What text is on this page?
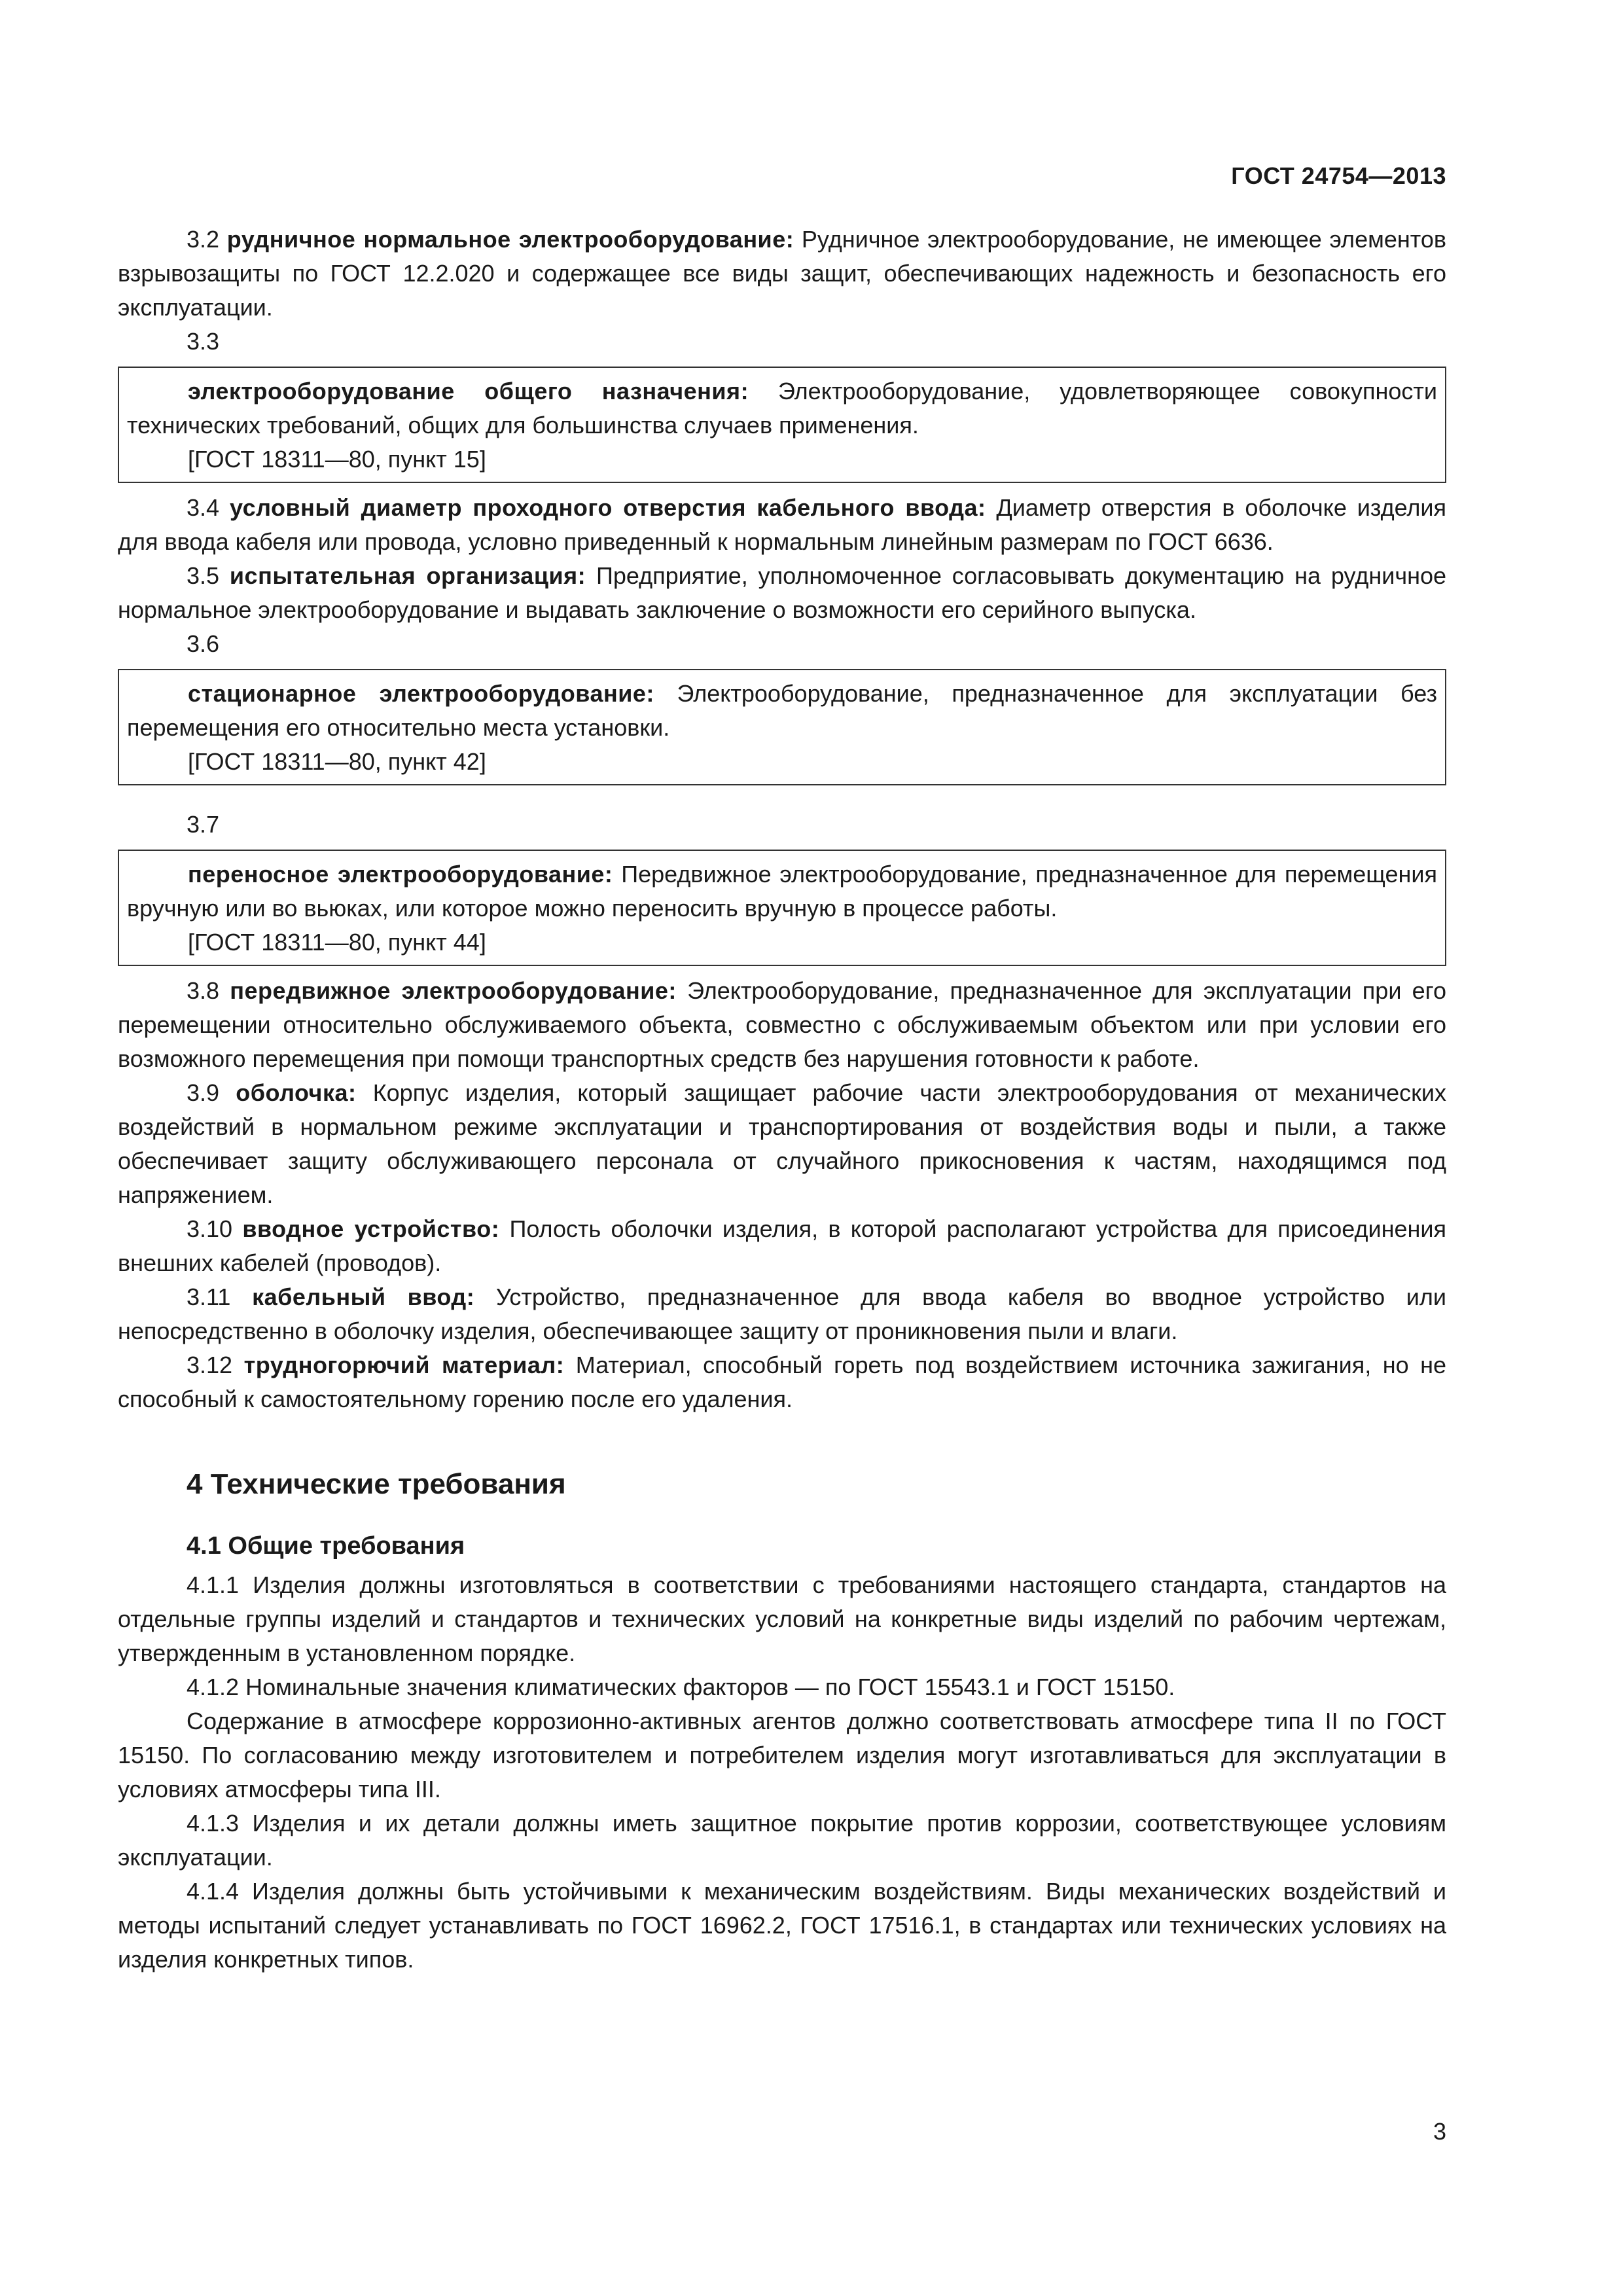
ГОСТ 24754—2013

3.2 рудничное нормальное электрооборудование: Рудничное электрооборудование, не имеющее элементов взрывозащиты по ГОСТ 12.2.020 и содержащее все виды защит, обеспечивающих надежность и безопасность его эксплуатации.

3.3

электрооборудование общего назначения: Электрооборудование, удовлетворяющее совокупности технических требований, общих для большинства случаев применения.

[ГОСТ 18311—80, пункт 15]

3.4 условный диаметр проходного отверстия кабельного ввода: Диаметр отверстия в оболочке изделия для ввода кабеля или провода, условно приведенный к нормальным линейным размерам по ГОСТ 6636.

3.5 испытательная организация: Предприятие, уполномоченное согласовывать документацию на рудничное нормальное электрооборудование и выдавать заключение о возможности его серийного выпуска.

3.6

стационарное электрооборудование: Электрооборудование, предназначенное для эксплуатации без перемещения его относительно места установки.

[ГОСТ 18311—80, пункт 42]
3.7

переносное электрооборудование: Передвижное электрооборудование, предназначенное для перемещения вручную или во вьюках, или которое можно переносить вручную в процессе работы.

[ГОСТ 18311—80, пункт 44]

3.8 передвижное электрооборудование: Электрооборудование, предназначенное для эксплуатации при его перемещении относительно обслуживаемого объекта, совместно с обслуживаемым объектом или при условии его возможного перемещения при помощи транспортных средств без нарушения готовности к работе.

3.9 оболочка: Корпус изделия, который защищает рабочие части электрооборудования от механических воздействий в нормальном режиме эксплуатации и транспортирования от воздействия воды и пыли, а также обеспечивает защиту обслуживающего персонала от случайного прикосновения к частям, находящимся под напряжением.

3.10 вводное устройство: Полость оболочки изделия, в которой располагают устройства для присоединения внешних кабелей (проводов).

3.11 кабельный ввод: Устройство, предназначенное для ввода кабеля во вводное устройство или непосредственно в оболочку изделия, обеспечивающее защиту от проникновения пыли и влаги.

3.12 трудногорючий материал: Материал, способный гореть под воздействием источника зажигания, но не способный к самостоятельному горению после его удаления.

4 Технические требования
4.1 Общие требования

4.1.1 Изделия должны изготовляться в соответствии с требованиями настоящего стандарта, стандартов на отдельные группы изделий и стандартов и технических условий на конкретные виды изделий по рабочим чертежам, утвержденным в установленном порядке.

4.1.2 Номинальные значения климатических факторов — по ГОСТ 15543.1 и ГОСТ 15150.

Содержание в атмосфере коррозионно-активных агентов должно соответствовать атмосфере типа II по ГОСТ 15150. По согласованию между изготовителем и потребителем изделия могут изготавливаться для эксплуатации в условиях атмосферы типа III.

4.1.3 Изделия и их детали должны иметь защитное покрытие против коррозии, соответствующее условиям эксплуатации.

4.1.4 Изделия должны быть устойчивыми к механическим воздействиям. Виды механических воздействий и методы испытаний следует устанавливать по ГОСТ 16962.2, ГОСТ 17516.1, в стандартах или технических условиях на изделия конкретных типов.

3
